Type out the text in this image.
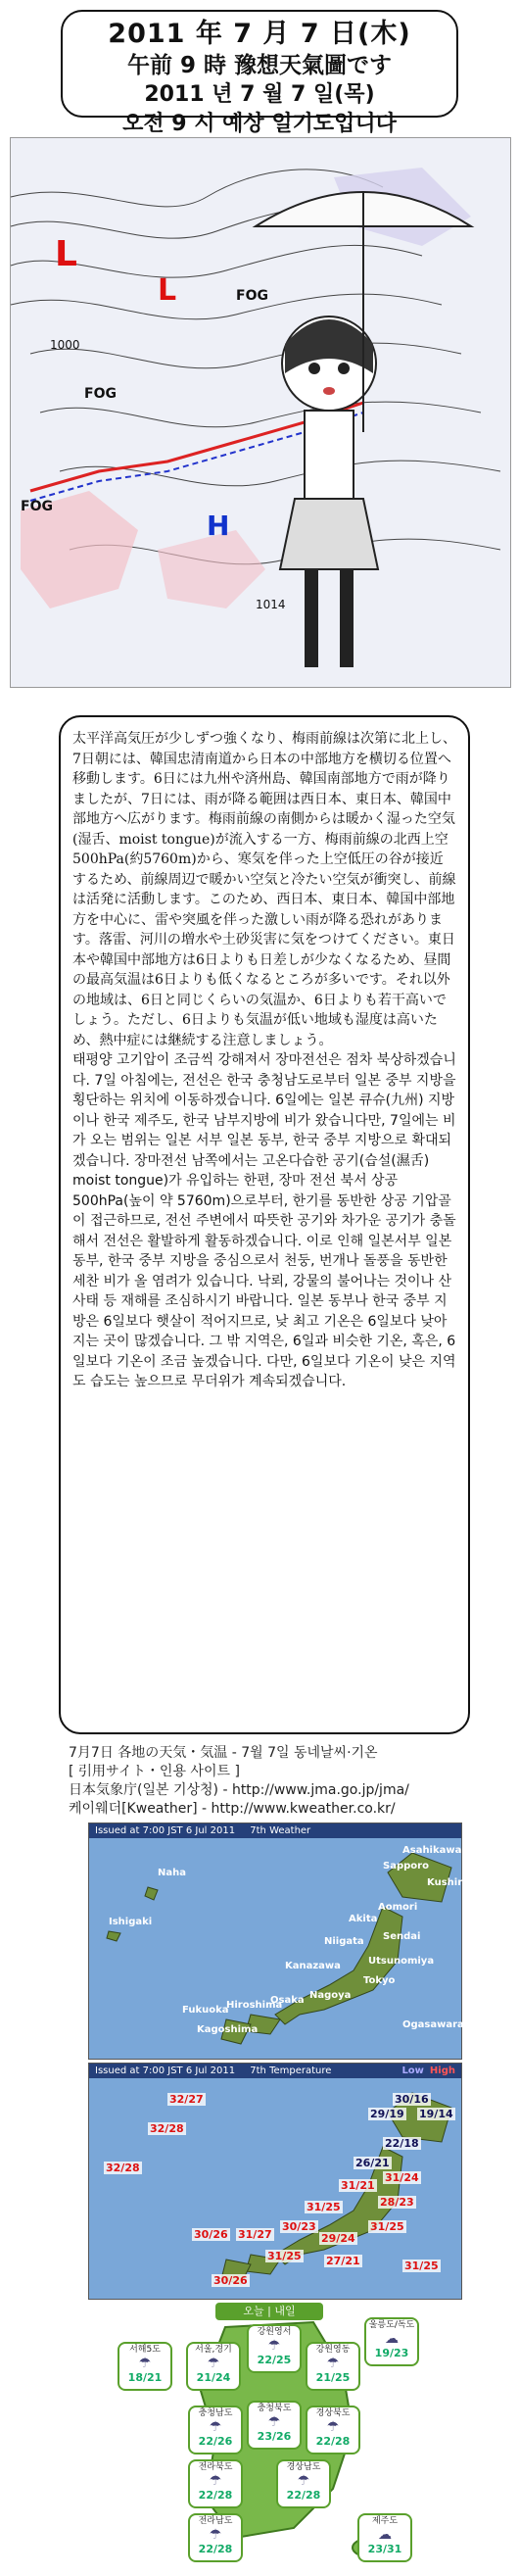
2011 年 7 月 7 日(木)
午前 9 時 豫想天氣圖です
2011 년 7 월 7 일(목)
오전 9 시 예상 일기도입니다
L
L
H
FOG
FOG
FOG
1014
1000

太平洋高気圧が少しずつ強くなり、梅雨前線は次第に北上し、7日朝には、韓国忠清南道から日本の中部地方を横切る位置へ移動します。6日には九州や済州島、韓国南部地方で雨が降りましたが、7日には、雨が降る範囲は西日本、東日本、韓国中部地方へ広がります。梅雨前線の南側からは暖かく湿った空気(湿舌、moist tongue)が流入する一方、梅雨前線の北西上空500hPa(約5760m)から、寒気を伴った上空低圧の谷が接近するため、前線周辺で暖かい空気と冷たい空気が衝突し、前線は活発に活動します。このため、西日本、東日本、韓国中部地方を中心に、雷や突風を伴った激しい雨が降る恐れがあります。落雷、河川の増水や土砂災害に気をつけてください。東日本や韓国中部地方は6日よりも日差しが少なくなるため、昼間の最高気温は6日よりも低くなるところが多いです。それ以外の地域は、6日と同じくらいの気温か、6日よりも若干高いでしょう。ただし、6日よりも気温が低い地域も湿度は高いため、熱中症には継続する注意しましょう。

태평양 고기압이 조금씩 강해져서 장마전선은 점차 북상하겠습니다. 7일 아침에는, 전선은 한국 충청남도로부터 일본 중부 지방을 횡단하는 위치에 이동하겠습니다. 6일에는 일본 큐슈(九州) 지방이나 한국 제주도, 한국 남부지방에 비가 왔습니다만, 7일에는 비가 오는 범위는 일본 서부 일본 동부, 한국 중부 지방으로 확대되겠습니다. 장마전선 남쪽에서는 고온다습한 공기(습설(濕舌) moist tongue)가 유입하는 한편, 장마 전선 북서 상공 500hPa(높이 약 5760m)으로부터, 한기를 동반한 상공 기압골이 접근하므로, 전선 주변에서 따뜻한 공기와 차가운 공기가 충돌해서 전선은 활발하게 활동하겠습니다. 이로 인해 일본서부 일본 동부, 한국 중부 지방을 중심으로서 천둥, 번개나 돌풍을 동반한 세찬 비가 올 염려가 있습니다. 낙뢰, 강물의 불어나는 것이나 산사태 등 재해를 조심하시기 바랍니다. 일본 동부나 한국 중부 지방은 6일보다 햇살이 적어지므로, 낮 최고 기온은 6일보다 낮아지는 곳이 많겠습니다. 그 밖 지역은, 6일과 비슷한 기온, 혹은, 6일보다 기온이 조금 높겠습니다. 다만, 6일보다 기온이 낮은 지역도 습도는 높으므로 무더위가 계속되겠습니다.

7月7日 各地の天気・気温 - 7월 7일 동네날씨·기온
[ 引用サイト・인용 사이트 ]
日本気象庁(일본 기상청) - http://www.jma.go.jp/jma/
케이웨더[Kweather] - http://www.kweather.co.kr/
Issued at 7:00 JST 6 Jul 2011 7th Weather
Naha
Ishigaki
Kagoshima
Fukuoka
Hiroshima
Osaka Nagoya
Kanazawa
Niigata Sendai
Tokyo
Sapporo
Kushiro
Aomori
Akita
Asahikawa
Utsunomiya
Ogasawara
Issued at 7:00 JST 6 Jul 2011 7th Temperature	High
Low
32/27
32/28
32/28
30/16
29/19 19/14
22/18
26/21
31/21
31/24
28/23
31/25
31/25
29/24
30/23
31/27
30/26
31/25
30/26
27/21	31/25
오늘 | 내일
서해5도
☂
18/21
서울,경기
☂
21/24
강원영서
☂
22/25
강원영동
☂
21/25
울릉도/독도
☁
19/23
충청남도
☂
22/26
충청북도
☂
23/26
경상북도
☂
22/28
전라북도
☂
22/28
경상남도
☂
22/28
전라남도
☂
22/28
제주도
☁
23/31
